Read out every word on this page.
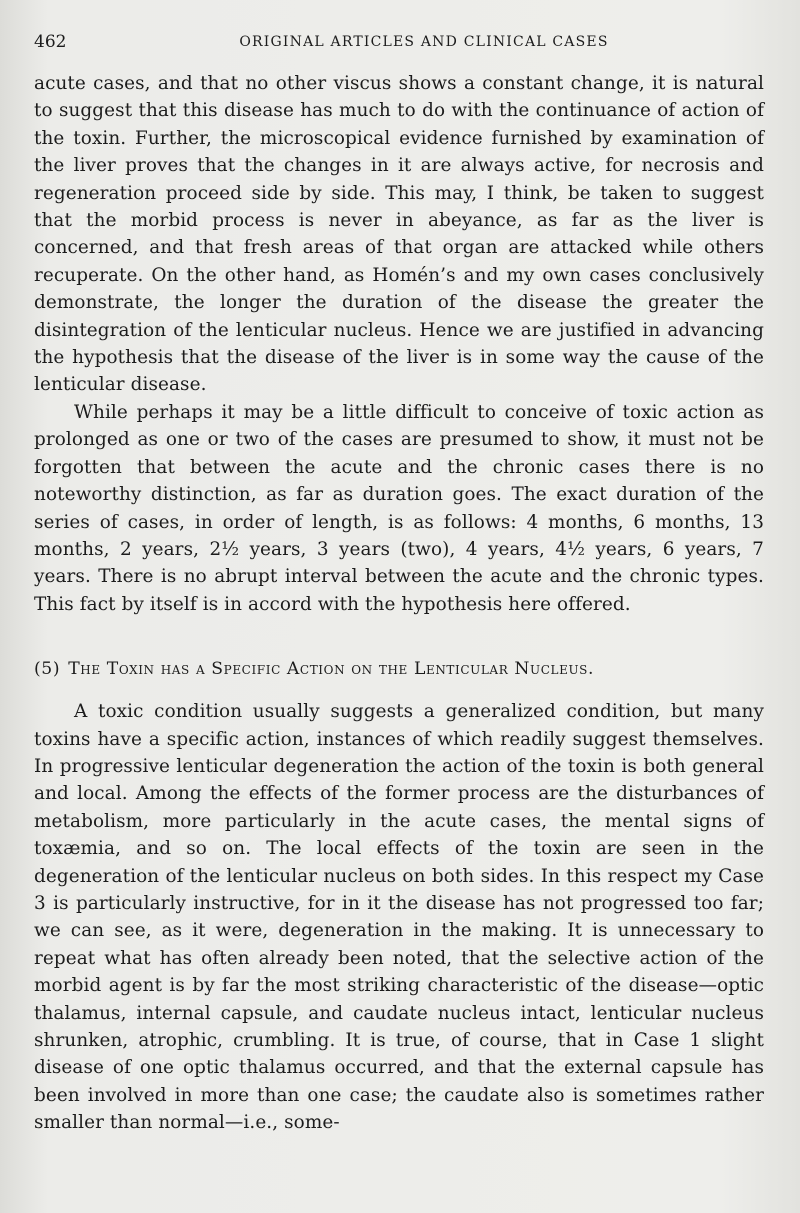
462	ORIGINAL ARTICLES AND CLINICAL CASES

acute cases, and that no other viscus shows a constant change, it is natural to suggest that this disease has much to do with the continuance of action of the toxin. Further, the microscopical evidence furnished by examination of the liver proves that the changes in it are always active, for necrosis and regeneration proceed side by side. This may, I think, be taken to suggest that the morbid process is never in abeyance, as far as the liver is concerned, and that fresh areas of that organ are attacked while others recuperate. On the other hand, as Homén’s and my own cases conclusively demonstrate, the longer the duration of the disease the greater the disintegration of the lenticular nucleus. Hence we are justified in advancing the hypothesis that the disease of the liver is in some way the cause of the lenticular disease.

While perhaps it may be a little difficult to conceive of toxic action as prolonged as one or two of the cases are presumed to show, it must not be forgotten that between the acute and the chronic cases there is no noteworthy distinction, as far as duration goes. The exact duration of the series of cases, in order of length, is as follows: 4 months, 6 months, 13 months, 2 years, 2½ years, 3 years (two), 4 years, 4½ years, 6 years, 7 years. There is no abrupt interval between the acute and the chronic types. This fact by itself is in accord with the hypothesis here offered.

(5) The Toxin has a Specific Action on the Lenticular Nucleus.

A toxic condition usually suggests a generalized condition, but many toxins have a specific action, instances of which readily suggest themselves. In progressive lenticular degeneration the action of the toxin is both general and local. Among the effects of the former process are the disturbances of metabolism, more particularly in the acute cases, the mental signs of toxæmia, and so on. The local effects of the toxin are seen in the degeneration of the lenticular nucleus on both sides. In this respect my Case 3 is particularly instructive, for in it the disease has not progressed too far; we can see, as it were, degeneration in the making. It is unnecessary to repeat what has often already been noted, that the selective action of the morbid agent is by far the most striking characteristic of the disease—optic thalamus, internal capsule, and caudate nucleus intact, lenticular nucleus shrunken, atrophic, crumbling. It is true, of course, that in Case 1 slight disease of one optic thalamus occurred, and that the external capsule has been involved in more than one case; the caudate also is sometimes rather smaller than normal—i.e., some-
